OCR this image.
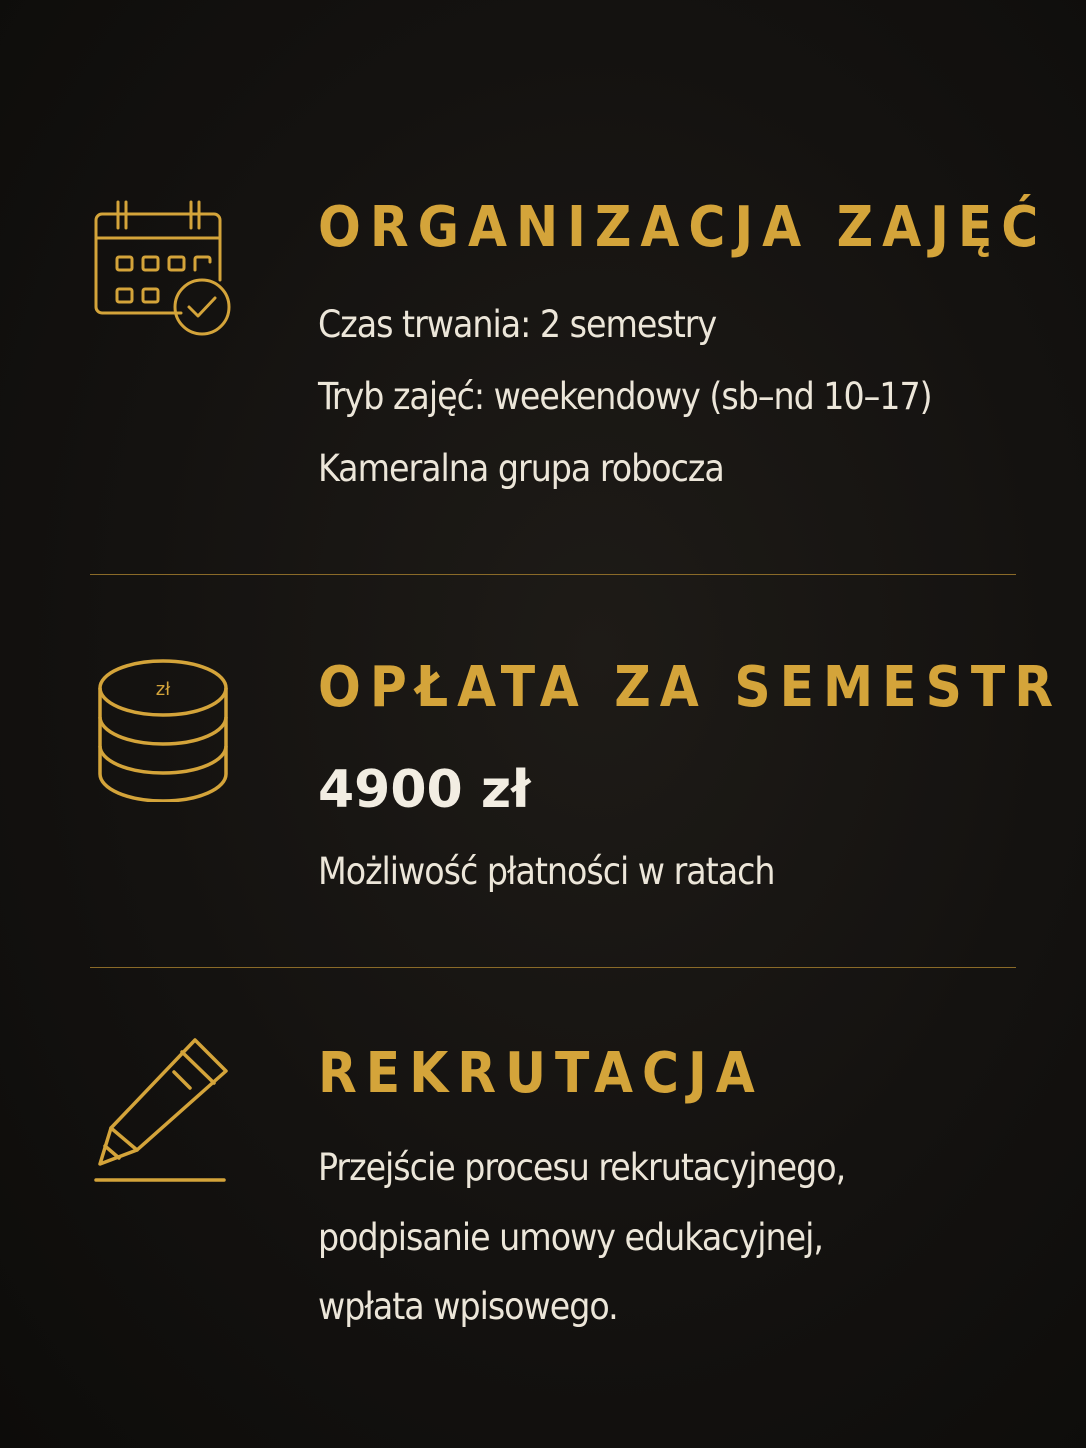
ORGANIZACJA ZAJĘĆ

Czas trwania: 2 semestry

Tryb zajęć: weekendowy (sb–nd 10–17)

Kameralna grupa robocza

zł	OPŁATA ZA SEMESTR

4900 zł

Możliwość płatności w ratach

REKRUTACJA

Przejście procesu rekrutacyjnego,

podpisanie umowy edukacyjnej,

wpłata wpisowego.
